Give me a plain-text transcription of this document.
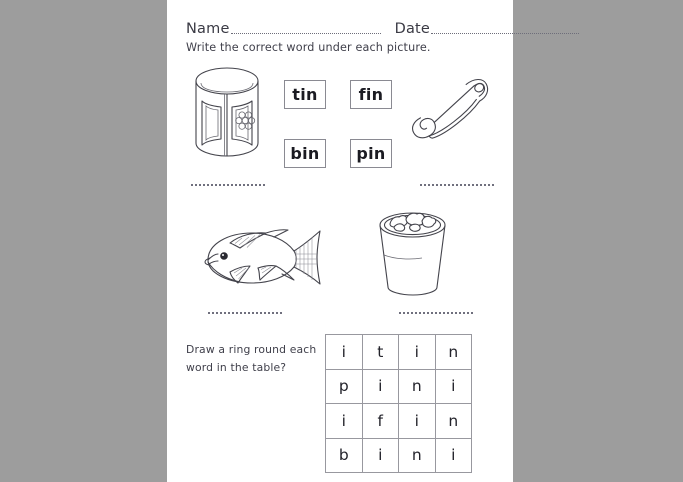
Name	Date
Write the correct word under each picture.
tin	fin
bin	pin
Draw a ring round each word in the table?
i	t	i	n
p	i	n	i
i	f	i	n
b	i	n	i
